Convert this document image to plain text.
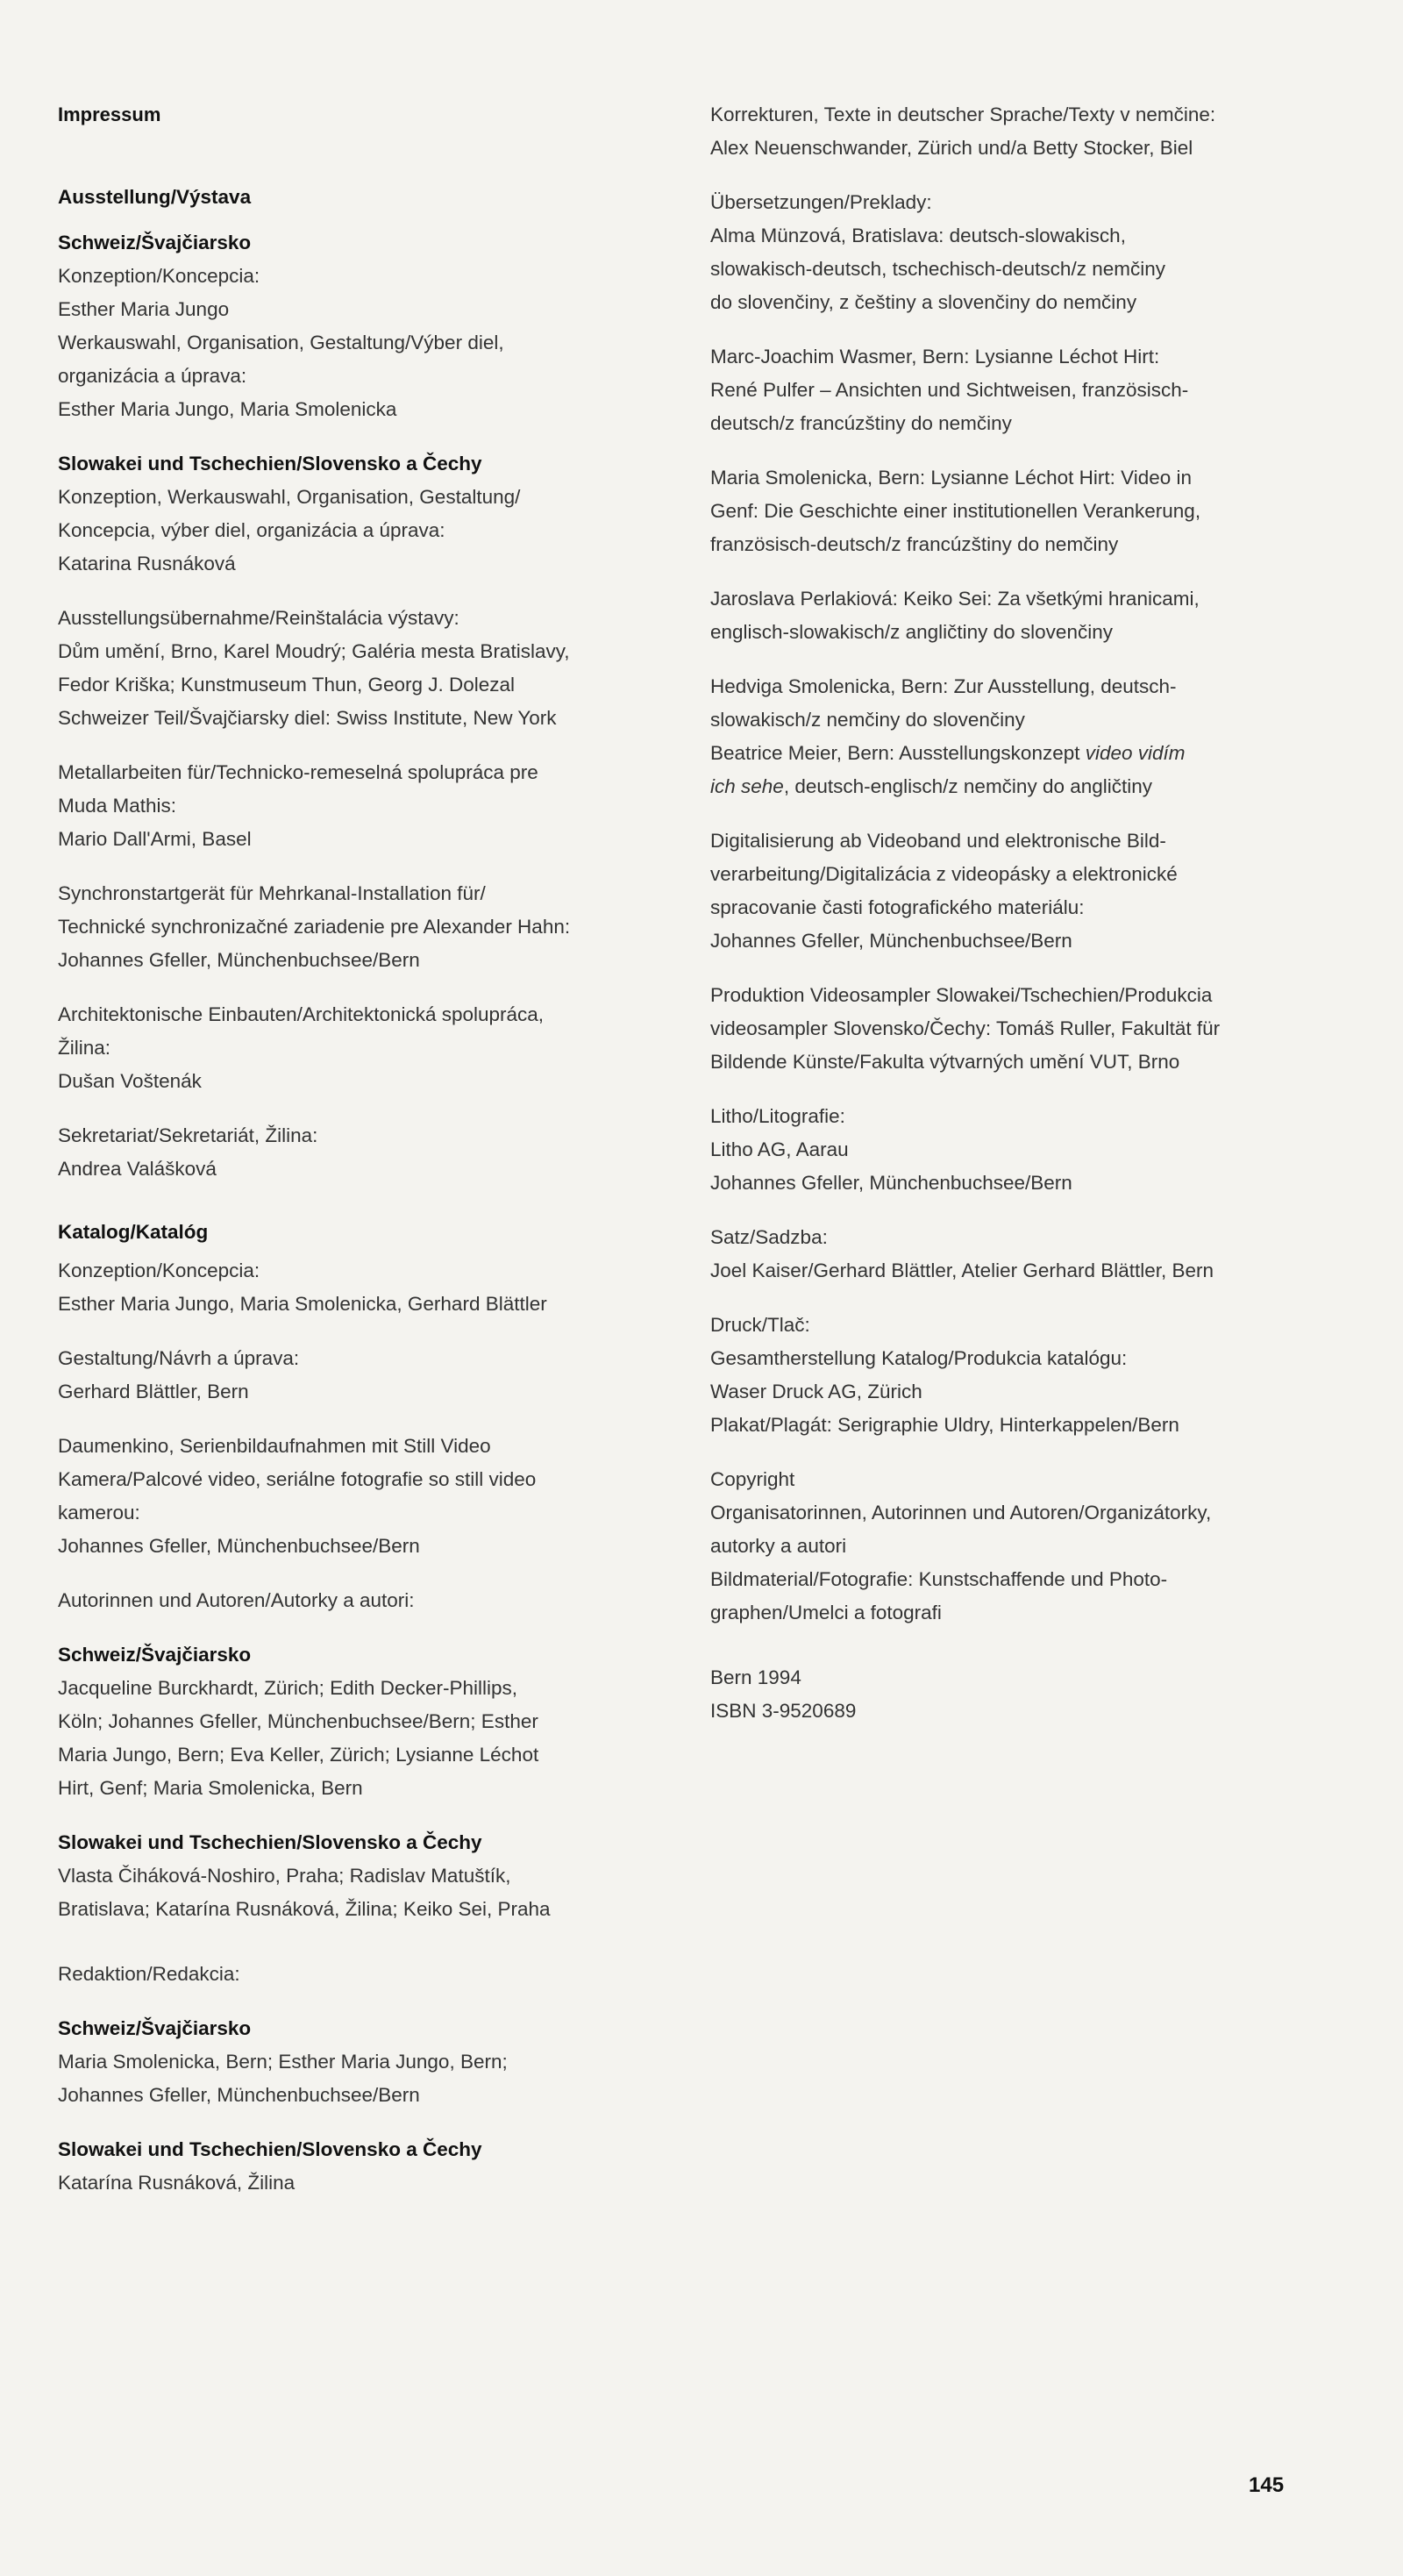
Impressum
Ausstellung/Výstava
Schweiz/Švajčiarsko
Konzeption/Koncepcia:
Esther Maria Jungo
Werkauswahl, Organisation, Gestaltung/Výber diel,
organizácia a úprava:
Esther Maria Jungo, Maria Smolenicka
Slowakei und Tschechien/Slovensko a Čechy
Konzeption, Werkauswahl, Organisation, Gestaltung/
Koncepcia, výber diel, organizácia a úprava:
Katarina Rusnáková
Ausstellungsübernahme/Reinštalácia výstavy:
Dům umění, Brno, Karel Moudrý; Galéria mesta Bratislavy,
Fedor Kriška; Kunstmuseum Thun, Georg J. Dolezal
Schweizer Teil/Švajčiarsky diel: Swiss Institute, New York
Metallarbeiten für/Technicko-remeselná spolupráca pre
Muda Mathis:
Mario Dall'Armi, Basel
Synchronstartgerät für Mehrkanal-Installation für/
Technické synchronizačné zariadenie pre Alexander Hahn:
Johannes Gfeller, Münchenbuchsee/Bern
Architektonische Einbauten/Architektonická spolupráca,
Žilina:
Dušan Voštenák
Sekretariat/Sekretariát, Žilina:
Andrea Valášková
Katalog/Katalóg
Konzeption/Koncepcia:
Esther Maria Jungo, Maria Smolenicka, Gerhard Blättler
Gestaltung/Návrh a úprava:
Gerhard Blättler, Bern
Daumenkino, Serienbildaufnahmen mit Still Video
Kamera/Palcové video, seriálne fotografie so still video
kamerou:
Johannes Gfeller, Münchenbuchsee/Bern
Autorinnen und Autoren/Autorky a autori:
Schweiz/Švajčiarsko
Jacqueline Burckhardt, Zürich; Edith Decker-Phillips,
Köln; Johannes Gfeller, Münchenbuchsee/Bern; Esther
Maria Jungo, Bern; Eva Keller, Zürich; Lysianne Léchot
Hirt, Genf; Maria Smolenicka, Bern
Slowakei und Tschechien/Slovensko a Čechy
Vlasta Čiháková-Noshiro, Praha; Radislav Matuštík,
Bratislava; Katarína Rusnáková, Žilina; Keiko Sei, Praha
Redaktion/Redakcia:
Schweiz/Švajčiarsko
Maria Smolenicka, Bern; Esther Maria Jungo, Bern;
Johannes Gfeller, Münchenbuchsee/Bern
Slowakei und Tschechien/Slovensko a Čechy
Katarína Rusnáková, Žilina
Korrekturen, Texte in deutscher Sprache/Texty v nemčine:
Alex Neuenschwander, Zürich und/a Betty Stocker, Biel
Übersetzungen/Preklady:
Alma Münzová, Bratislava: deutsch-slowakisch,
slowakisch-deutsch, tschechisch-deutsch/z nemčiny
do slovenčiny, z češtiny a slovenčiny do nemčiny
Marc-Joachim Wasmer, Bern: Lysianne Léchot Hirt:
René Pulfer – Ansichten und Sichtweisen, französisch-
deutsch/z francúzštiny do nemčiny
Maria Smolenicka, Bern: Lysianne Léchot Hirt: Video in
Genf: Die Geschichte einer institutionellen Verankerung,
französisch-deutsch/z francúzštiny do nemčiny
Jaroslava Perlakiová: Keiko Sei: Za všetkými hranicami,
englisch-slowakisch/z angličtiny do slovenčiny
Hedviga Smolenicka, Bern: Zur Ausstellung, deutsch-
slowakisch/z nemčiny do slovenčiny
Beatrice Meier, Bern: Ausstellungskonzept video vidím
ich sehe, deutsch-englisch/z nemčiny do angličtiny
Digitalisierung ab Videoband und elektronische Bild-
verarbeitung/Digitalizácia z videopásky a elektronické
spracovanie časti fotografického materiálu:
Johannes Gfeller, Münchenbuchsee/Bern
Produktion Videosampler Slowakei/Tschechien/Produkcia
videosampler Slovensko/Čechy: Tomáš Ruller, Fakultät für
Bildende Künste/Fakulta výtvarných umění VUT, Brno
Litho/Litografie:
Litho AG, Aarau
Johannes Gfeller, Münchenbuchsee/Bern
Satz/Sadzba:
Joel Kaiser/Gerhard Blättler, Atelier Gerhard Blättler, Bern
Druck/Tlač:
Gesamtherstellung Katalog/Produkcia katalógu:
Waser Druck AG, Zürich
Plakat/Plagát: Serigraphie Uldry, Hinterkappelen/Bern
Copyright
Organisatorinnen, Autorinnen und Autoren/Organizátorky,
autorky a autori
Bildmaterial/Fotografie: Kunstschaffende und Photo-
graphen/Umelci a fotografi
Bern 1994
ISBN 3-9520689
145
